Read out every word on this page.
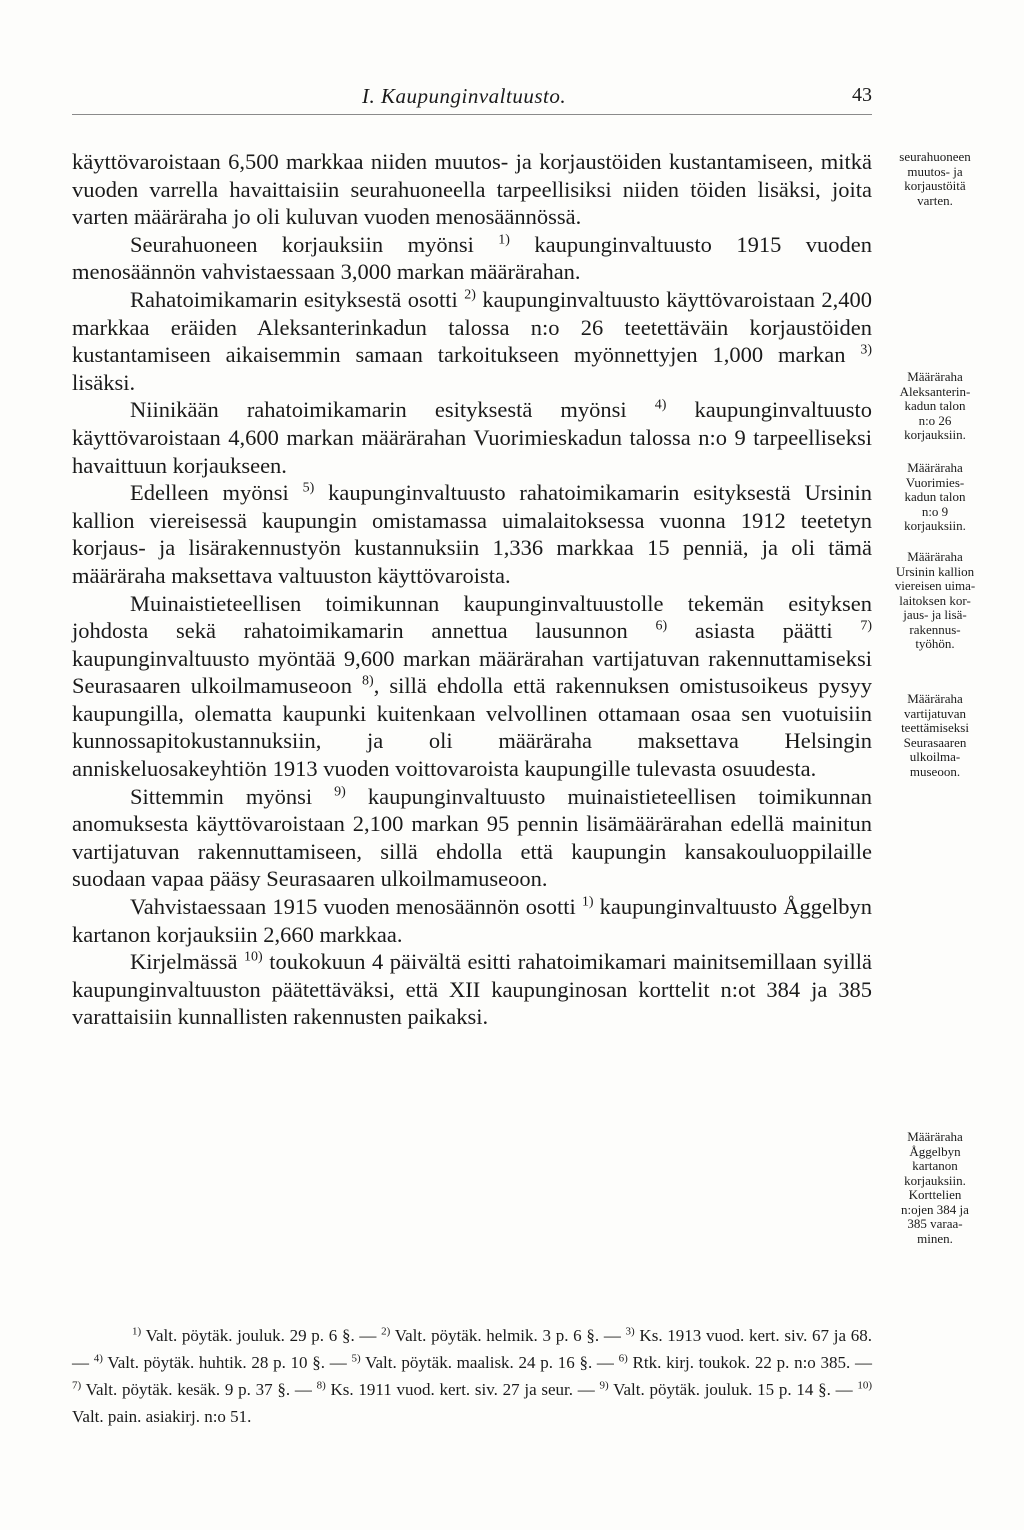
I. Kaupunginvaltuusto.	43

käyttövaroistaan 6,500 markkaa niiden muutos- ja korjaustöiden kustantamiseen, mitkä vuoden varrella havaittaisiin seurahuoneella tarpeellisiksi niiden töiden lisäksi, joita varten määräraha jo oli kuluvan vuoden menosäännössä.

Seurahuoneen korjauksiin myönsi $^{1)}$ kaupunginvaltuusto 1915 vuoden menosäännön vahvistaessaan 3,000 markan määrärahan.

Rahatoimikamarin esityksestä osotti $^{2)}$ kaupunginvaltuusto käyttövaroistaan 2,400 markkaa eräiden Aleksanterinkadun talossa n:o 26 teetettäväin korjaustöiden kustantamiseen aikaisemmin samaan tarkoitukseen myönnettyjen 1,000 markan $^{3)}$ lisäksi.

Niinikään rahatoimikamarin esityksestä myönsi $^{4)}$ kaupunginvaltuusto käyttövaroistaan 4,600 markan määrärahan Vuorimieskadun talossa n:o 9 tarpeelliseksi havaittuun korjaukseen.

Edelleen myönsi $^{5)}$ kaupunginvaltuusto rahatoimikamarin esityksestä Ursinin kallion viereisessä kaupungin omistamassa uimalaitoksessa vuonna 1912 teetetyn korjaus- ja lisärakennustyön kustannuksiin 1,336 markkaa 15 penniä, ja oli tämä määräraha maksettava valtuuston käyttövaroista.

Muinaistieteellisen toimikunnan kaupunginvaltuustolle tekemän esityksen johdosta sekä rahatoimikamarin annettua lausunnon $^{6)}$ asiasta päätti $^{7)}$ kaupunginvaltuusto myöntää 9,600 markan määrärahan vartijatuvan rakennuttamiseksi Seurasaaren ulkoilmamuseoon $^{8)}$, sillä ehdolla että rakennuksen omistusoikeus pysyy kaupungilla, olematta kaupunki kuitenkaan velvollinen ottamaan osaa sen vuotuisiin kunnossapitokustannuksiin, ja oli määräraha maksettava Helsingin anniskeluosakeyhtiön 1913 vuoden voittovaroista kaupungille tulevasta osuudesta.

Sittemmin myönsi $^{9)}$ kaupunginvaltuusto muinaistieteellisen toimikunnan anomuksesta käyttövaroistaan 2,100 markan 95 pennin lisämäärärahan edellä mainitun vartijatuvan rakennuttamiseen, sillä ehdolla että kaupungin kansakouluoppilaille suodaan vapaa pääsy Seurasaaren ulkoilmamuseoon.

Vahvistaessaan 1915 vuoden menosäännön osotti $^{1)}$ kaupunginvaltuusto Åggelbyn kartanon korjauksiin 2,660 markkaa.

Kirjelmässä $^{10)}$ toukokuun 4 päivältä esitti rahatoimikamari mainitsemillaan syillä kaupunginvaltuuston päätettäväksi, että XII kaupunginosan korttelit n:ot 384 ja 385 varattaisiin kunnallisten rakennusten paikaksi.

seurahuoneen
muutos- ja
korjaustöitä
varten.
Määräraha
Aleksanterin-
kadun talon
n:o 26
korjauksiin.
Määräraha
Vuorimies-
kadun talon
n:o 9
korjauksiin.
Määräraha
Ursinin kallion
viereisen uima-
laitoksen kor-
jaus- ja lisä-
rakennus-
työhön.
Määräraha
vartijatuvan
teettämiseksi
Seurasaaren
ulkoilma-
museoon.
Määräraha
Åggelbyn
kartanon
korjauksiin.
Korttelien
n:ojen 384 ja
385 varaa-
minen.

$^{1)}$ Valt. pöytäk. jouluk. 29 p. 6 §. — $^{2)}$ Valt. pöytäk. helmik. 3 p. 6 §. — $^{3)}$ Ks. 1913 vuod. kert. siv. 67 ja 68. — $^{4)}$ Valt. pöytäk. huhtik. 28 p. 10 §. — $^{5)}$ Valt. pöytäk. maalisk. 24 p. 16 §. — $^{6)}$ Rtk. kirj. toukok. 22 p. n:o 385. — $^{7)}$ Valt. pöytäk. kesäk. 9 p. 37 §. — $^{8)}$ Ks. 1911 vuod. kert. siv. 27 ja seur. — $^{9)}$ Valt. pöytäk. jouluk. 15 p. 14 §. — $^{10)}$ Valt. pain. asiakirj. n:o 51.
